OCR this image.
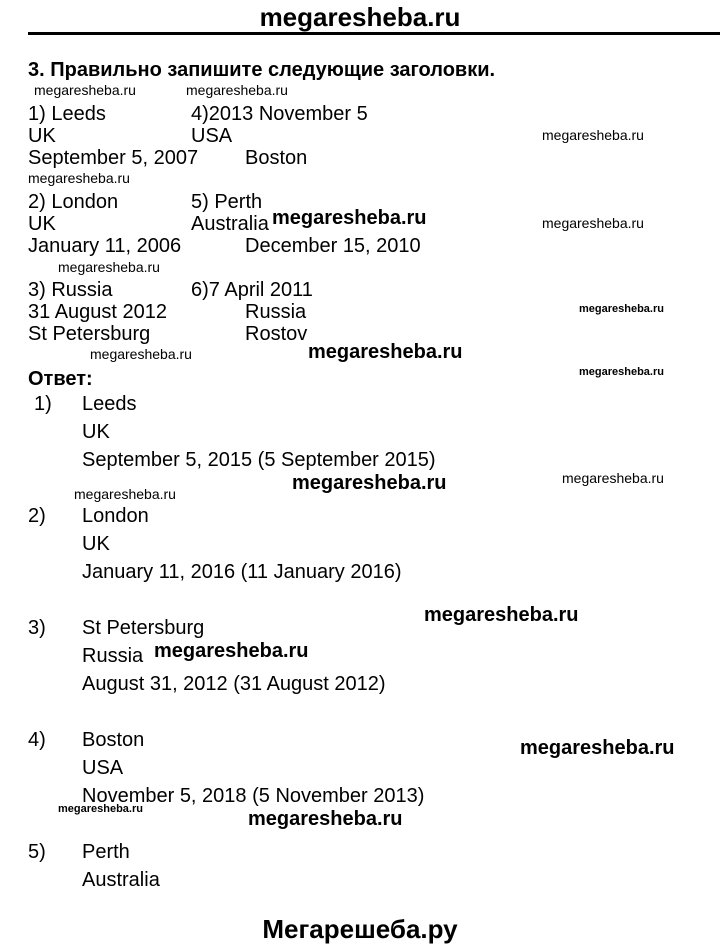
megaresheba.ru
3. Правильно запишите следующие заголовки.
1) Leeds
UK
September 5, 2007
4)2013 November 5
USA
Boston
2) London
UK
January 11, 2006
5) Perth
Australia
December 15, 2010
3) Russia
31 August 2012
St Petersburg
6)7 April 2011
Russia
Rostov
Ответ:
1) Leeds
UK
September 5, 2015 (5 September 2015)
2) London
UK
January 11, 2016 (11 January 2016)
3) St Petersburg
Russia
August 31, 2012 (31 August 2012)
4) Boston
USA
November 5, 2018 (5 November 2013)
5) Perth
Australia
megaresheba.ru	megaresheba.ru
megaresheba.ru
megaresheba.ru
megaresheba.ru	megaresheba.ru
megaresheba.ru
megaresheba.ru
megaresheba.ru	megaresheba.ru
megaresheba.ru
megaresheba.ru	megaresheba.ru
megaresheba.ru
megaresheba.ru
megaresheba.ru
megaresheba.ru
megaresheba.ru
megaresheba.ru
Мегарешеба.ру
